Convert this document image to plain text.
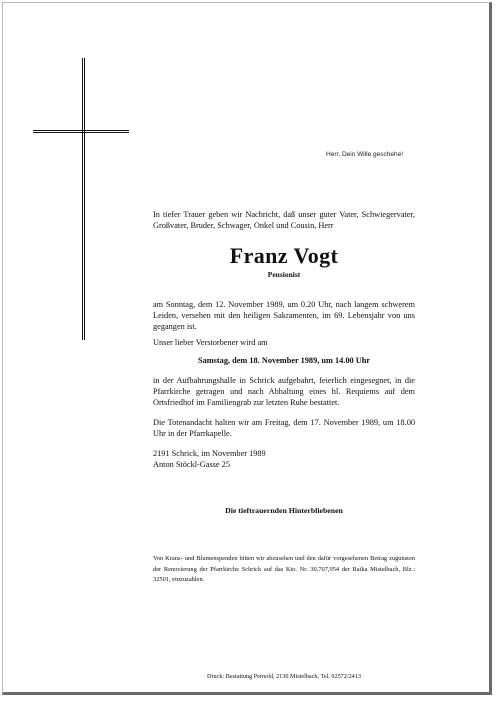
Herr, Dein Wille geschehe!
In tiefer Trauer geben wir Nachricht, daß unser guter Vater, Schwiegervater, Großvater, Bruder, Schwager, Onkel und Cousin, Herr
Franz Vogt
Pensionist
am Sonntag, dem 12. November 1989, um 0.20 Uhr, nach langem schwerem Leiden, versehen mit den heiligen Sakramenten, im 69. Lebensjahr von uns gegangen ist.
Unser lieber Verstorbener wird am
Samstag, dem 18. November 1989, um 14.00 Uhr
in der Aufbahrungshalle in Schrick aufgebahrt, feierlich eingesegnet, in die Pfarrkirche getragen und nach Abhaltung eines hl. Requiems auf dem Ortsfriedhof im Familiengrab zur letzten Ruhe bestattet.
Die Totenandacht halten wir am Freitag, dem 17. November 1989, um 18.00 Uhr in der Pfarrkapelle.
2191 Schrick, im November 1989
Anton Stöckl-Gasse 25
Die tieftrauernden Hinterbliebenen
Von Kranz- und Blumenspenden bitten wir abzusehen und den dafür vorgesehenen Betrag zugunsten der Renovierung der Pfarrkirche Schrick auf das Kto. Nr. 30.707,954 der Raika Mistelbach, Blz.: 32501, einzuzahlen.
Druck: Bestattung Pernold, 2130 Mistelbach, Tel. 02572/2413
